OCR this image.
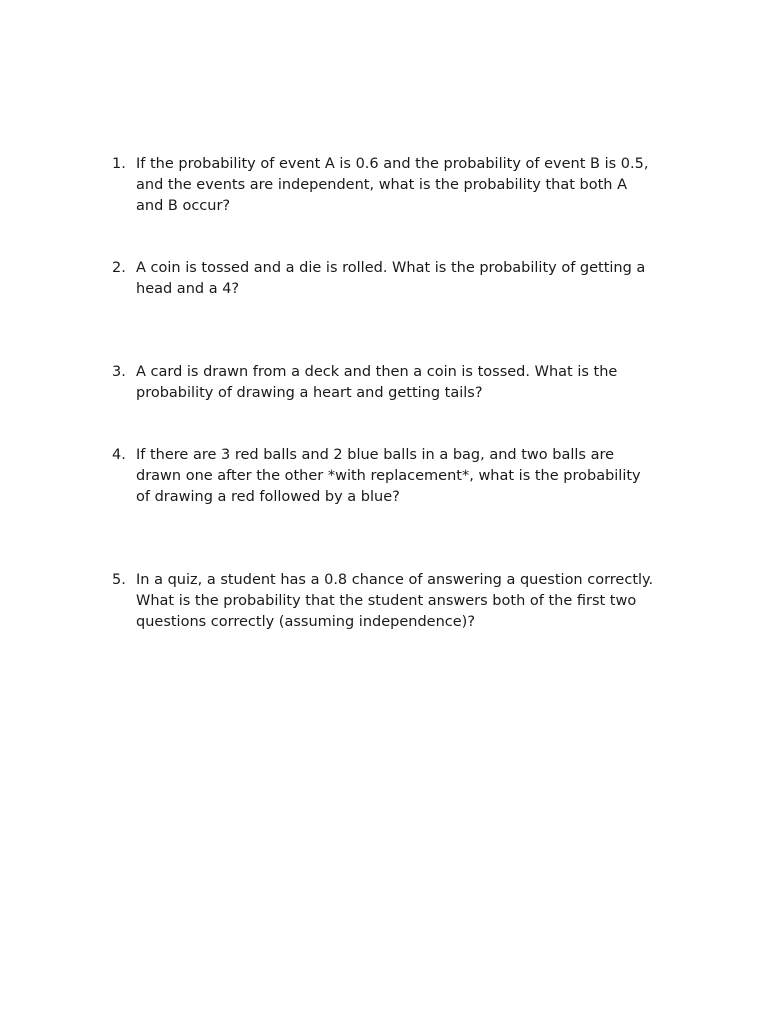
1. If the probability of event A is 0.6 and the probability of event B is 0.5,
and the events are independent, what is the probability that both A
and B occur?
2. A coin is tossed and a die is rolled. What is the probability of getting a
head and a 4?
3. A card is drawn from a deck and then a coin is tossed. What is the
probability of drawing a heart and getting tails?
4. If there are 3 red balls and 2 blue balls in a bag, and two balls are
drawn one after the other *with replacement*, what is the probability
of drawing a red followed by a blue?
5. In a quiz, a student has a 0.8 chance of answering a question correctly.
What is the probability that the student answers both of the first two
questions correctly (assuming independence)?
